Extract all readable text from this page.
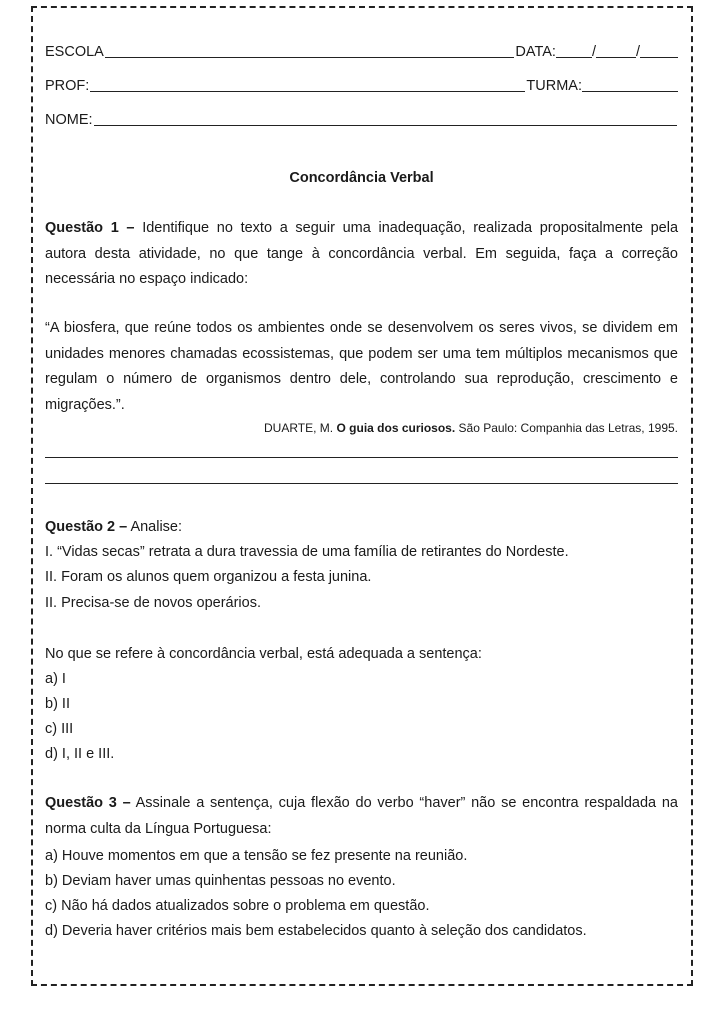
ESCOLA	DATA: /	/
PROF:	TURMA:
NOME:
Concordância Verbal

Questão 1 – Identifique no texto a seguir uma inadequação, realizada propositalmente pela autora desta atividade, no que tange à concordância verbal. Em seguida, faça a correção necessária no espaço indicado:

“A biosfera, que reúne todos os ambientes onde se desenvolvem os seres vivos, se dividem em unidades menores chamadas ecossistemas, que podem ser uma tem múltiplos mecanismos que regulam o número de organismos dentro dele, controlando sua reprodução, crescimento e migrações.”.

DUARTE, M. O guia dos curiosos. São Paulo: Companhia das Letras, 1995.
Questão 2 – Analise:
I. “Vidas secas” retrata a dura travessia de uma família de retirantes do Nordeste.
II. Foram os alunos quem organizou a festa junina.
II. Precisa-se de novos operários.
No que se refere à concordância verbal, está adequada a sentença:
a) I
b) II
c) III
d) I, II e III.

Questão 3 – Assinale a sentença, cuja flexão do verbo “haver” não se encontra respaldada na norma culta da Língua Portuguesa:

a) Houve momentos em que a tensão se fez presente na reunião.
b) Deviam haver umas quinhentas pessoas no evento.
c) Não há dados atualizados sobre o problema em questão.
d) Deveria haver critérios mais bem estabelecidos quanto à seleção dos candidatos.
